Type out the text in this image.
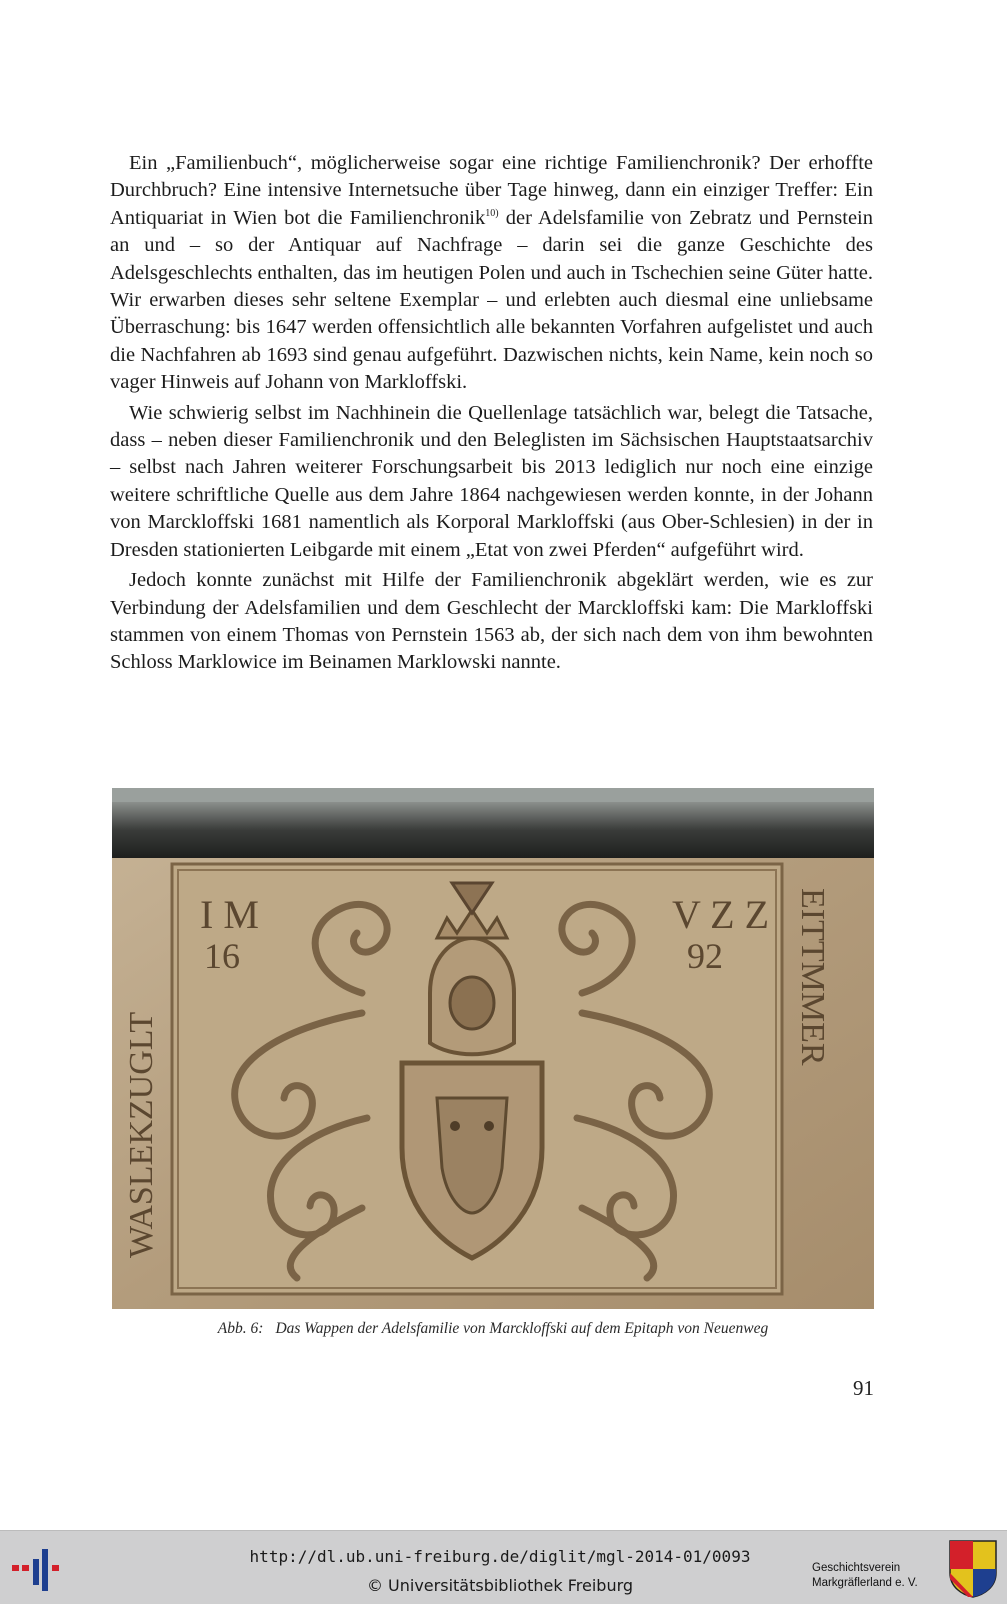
Ein „Familienbuch“, möglicherweise sogar eine richtige Familienchronik? Der erhoffte Durchbruch? Eine intensive Internetsuche über Tage hinweg, dann ein einziger Treffer: Ein Antiquariat in Wien bot die Familienchronik$^{10)}$ der Adelsfamilie von Zebratz und Pernstein an und – so der Antiquar auf Nachfrage – darin sei die ganze Geschichte des Adelsgeschlechts enthalten, das im heutigen Polen und auch in Tschechien seine Güter hatte. Wir erwarben dieses sehr seltene Exemplar – und erlebten auch diesmal eine unliebsame Überraschung: bis 1647 werden offensichtlich alle bekannten Vorfahren aufgelistet und auch die Nachfahren ab 1693 sind genau aufgeführt. Dazwischen nichts, kein Name, kein noch so vager Hinweis auf Johann von Markloffski.

Wie schwierig selbst im Nachhinein die Quellenlage tatsächlich war, belegt die Tatsache, dass – neben dieser Familienchronik und den Beleglisten im Sächsischen Hauptstaatsarchiv – selbst nach Jahren weiterer Forschungsarbeit bis 2013 lediglich nur noch eine einzige weitere schriftliche Quelle aus dem Jahre 1864 nachgewiesen werden konnte, in der Johann von Marckloffski 1681 namentlich als Korporal Markloffski (aus Ober-Schlesien) in der in Dresden stationierten Leibgarde mit einem „Etat von zwei Pferden“ aufgeführt wird.

Jedoch konnte zunächst mit Hilfe der Familienchronik abgeklärt werden, wie es zur Verbindung der Adelsfamilien und dem Geschlecht der Marckloffski kam: Die Markloffski stammen von einem Thomas von Pernstein 1563 ab, der sich nach dem von ihm bewohnten Schloss Marklowice im Beinamen Marklowski nannte.

I M
16
V Z Z
92
WASLEKZUGLT
EITTMMER
Abb. 6: Das Wappen der Adelsfamilie von Marckloffski auf dem Epitaph von Neuenweg
91
http://dl.ub.uni-freiburg.de/diglit/mgl-2014-01/0093
© Universitätsbibliothek Freiburg
Geschichtsverein
Markgräflerland e. V.
